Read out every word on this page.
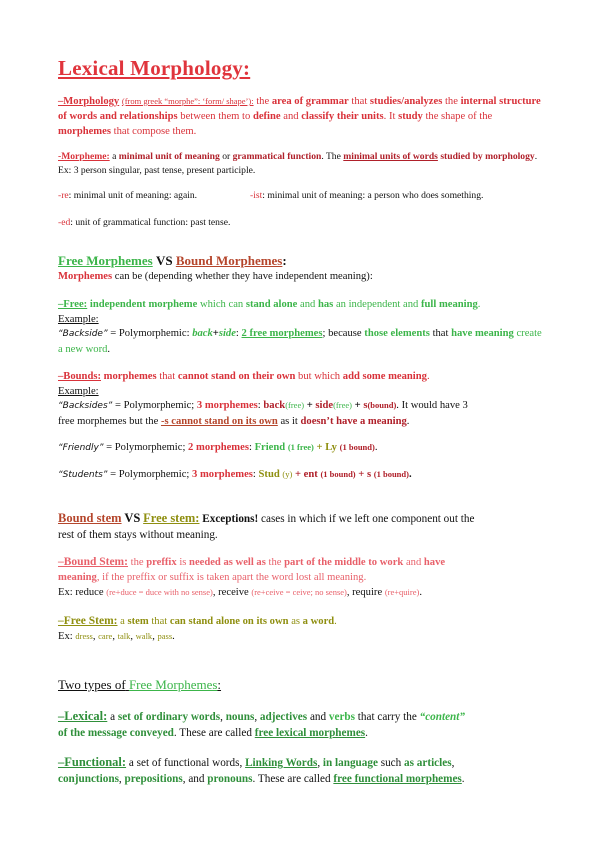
Lexical Morphology:
–Morphology (from greek “morphe”: ‘form/ shape’): the area of grammar that studies/analyzes the internal structure of words and relationships between them to define and classify their units. It study the shape of the morphemes that compose them.
-Morpheme: a minimal unit of meaning or grammatical function. The minimal units of words studied by morphology. Ex: 3 person singular, past tense, present participle.
-re: minimal unit of meaning: again.	-ist: minimal unit of meaning: a person who does something.
-ed: unit of grammatical function: past tense.
Free Morphemes VS Bound Morphemes:
Morphemes can be (depending whether they have independent meaning):
–Free: independent morpheme which can stand alone and has an independent and full meaning.
Example:
“Backside” = Polymorphemic: back+side: 2 free morphemes; because those elements that have meaning create a new word.
–Bounds: morphemes that cannot stand on their own but which add some meaning.
Example:
“Backsides” = Polymorphemic; 3 morphemes: back(free) + side(free) + s(bound). It would have 3
free morphemes but the -s cannot stand on its own as it doesn’t have a meaning.
“Friendly” = Polymorphemic; 2 morphemes: Friend (1 free) + Ly (1 bound).
“Students” = Polymorphemic; 3 morphemes: Stud (y) + ent (1 bound) + s (1 bound).
Bound stem VS Free stem: Exceptions! cases in which if we left one component out the
rest of them stays without meaning.
–Bound Stem: the preffix is needed as well as the part of the middle to work and have
meaning, if the preffix or suffix is taken apart the word lost all meaning.
Ex: reduce (re+duce = duce with no sense), receive (re+ceive = ceive; no sense), require (re+quire).
–Free Stem: a stem that can stand alone on its own as a word.
Ex: dress, care, talk, walk, pass.
Two types of Free Morphemes:
–Lexical: a set of ordinary words, nouns, adjectives and verbs that carry the “content”
of the message conveyed. These are called free lexical morphemes.
–Functional: a set of functional words, Linking Words, in language such as articles,
conjunctions, prepositions, and pronouns. These are called free functional morphemes.
